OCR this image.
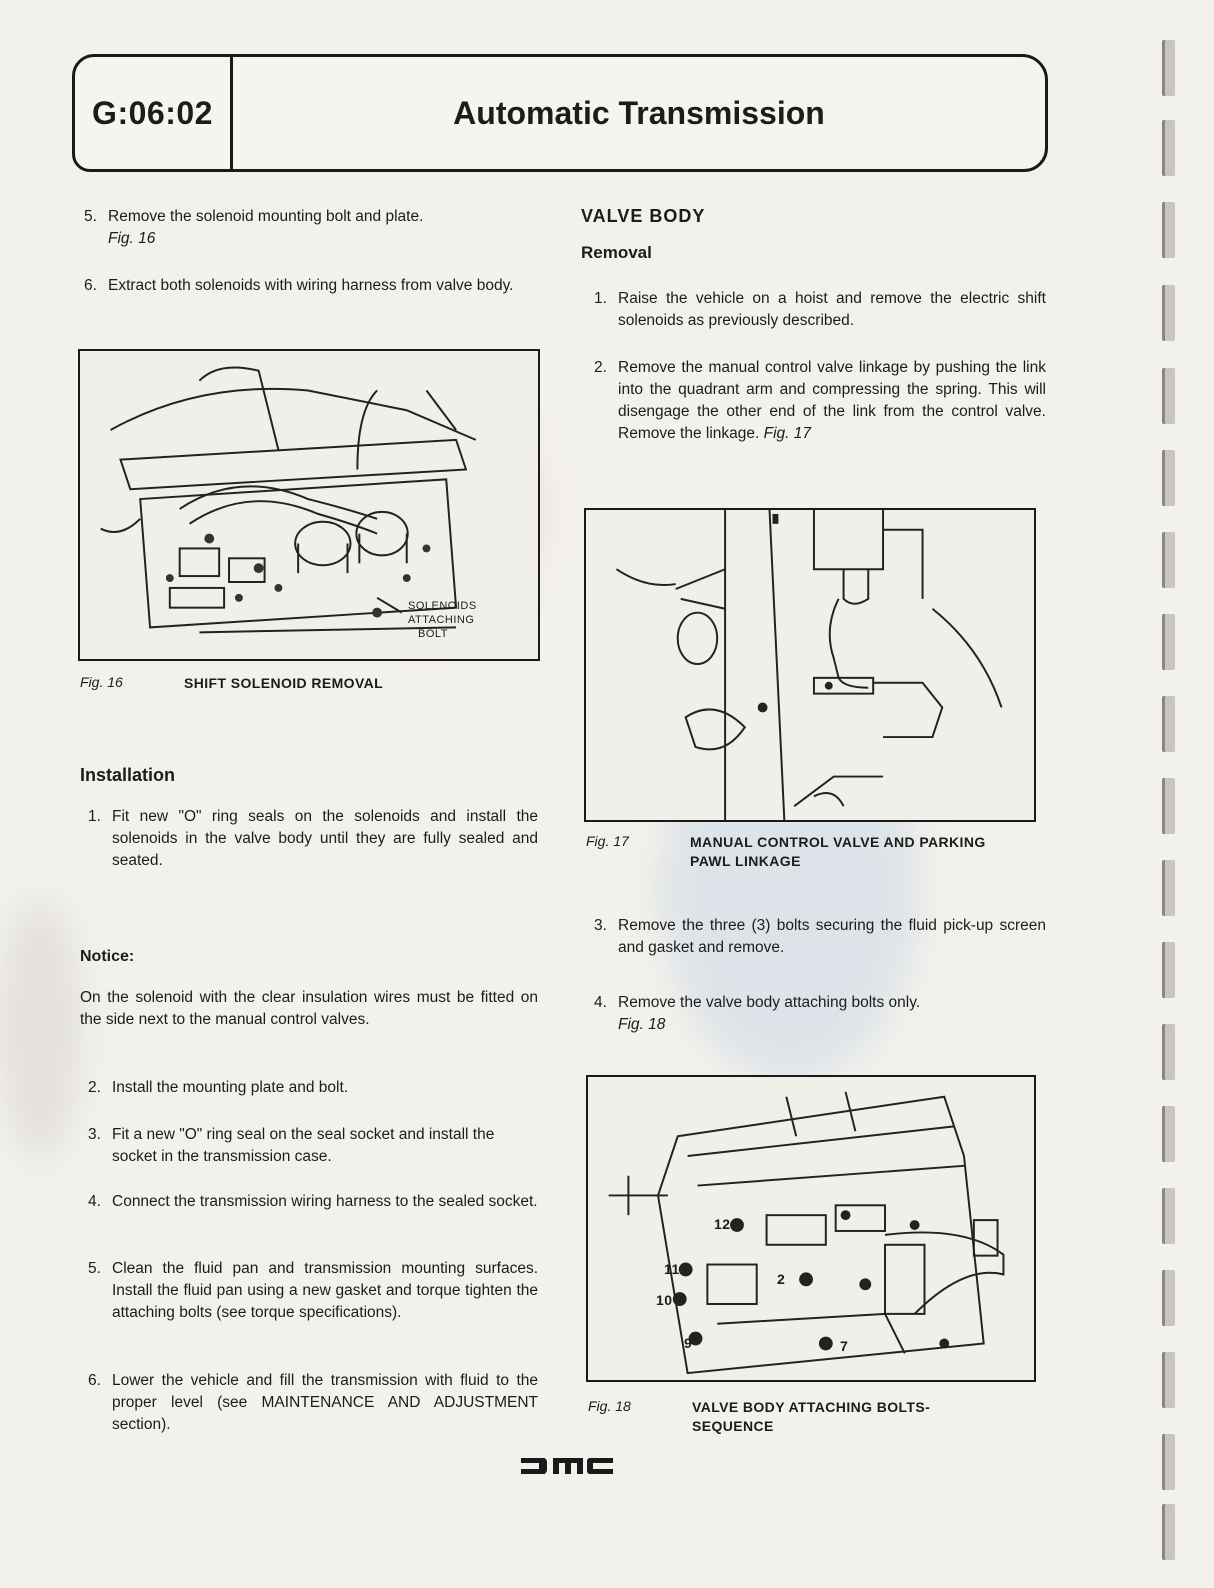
G:06:02	Automatic Transmission
5. Remove the solenoid mounting bolt and plate.
Fig. 16
6. Extract both solenoids with wiring harness from valve body.
SOLENOIDS
ATTACHING
BOLT
Fig. 16	SHIFT SOLENOID REMOVAL
Installation
1. Fit new "O" ring seals on the solenoids and install the solenoids in the valve body until they are fully sealed and seated.
Notice:
On the solenoid with the clear insulation wires must be fitted on the side next to the manual control valves.
2. Install the mounting plate and bolt.
3. Fit a new "O" ring seal on the seal socket and install the socket in the transmission case.
4. Connect the transmission wiring harness to the sealed socket.
5. Clean the fluid pan and transmission mounting surfaces. Install the fluid pan using a new gasket and torque tighten the attaching bolts (see torque specifications).
6. Lower the vehicle and fill the transmission with fluid to the proper level (see MAINTENANCE AND ADJUSTMENT section).
VALVE BODY
Removal
1. Raise the vehicle on a hoist and remove the electric shift solenoids as previously described.
2. Remove the manual control valve linkage by pushing the link into the quadrant arm and compressing the spring. This will disengage the other end of the link from the control valve. Remove the linkage. Fig. 17
Fig. 17	MANUAL CONTROL VALVE AND PARKING PAWL LINKAGE
3. Remove the three (3) bolts securing the fluid pick-up screen and gasket and remove.
4. Remove the valve body attaching bolts only.
Fig. 18
12
2
7
9
10
11
Fig. 18	VALVE BODY ATTACHING BOLTS-SEQUENCE
